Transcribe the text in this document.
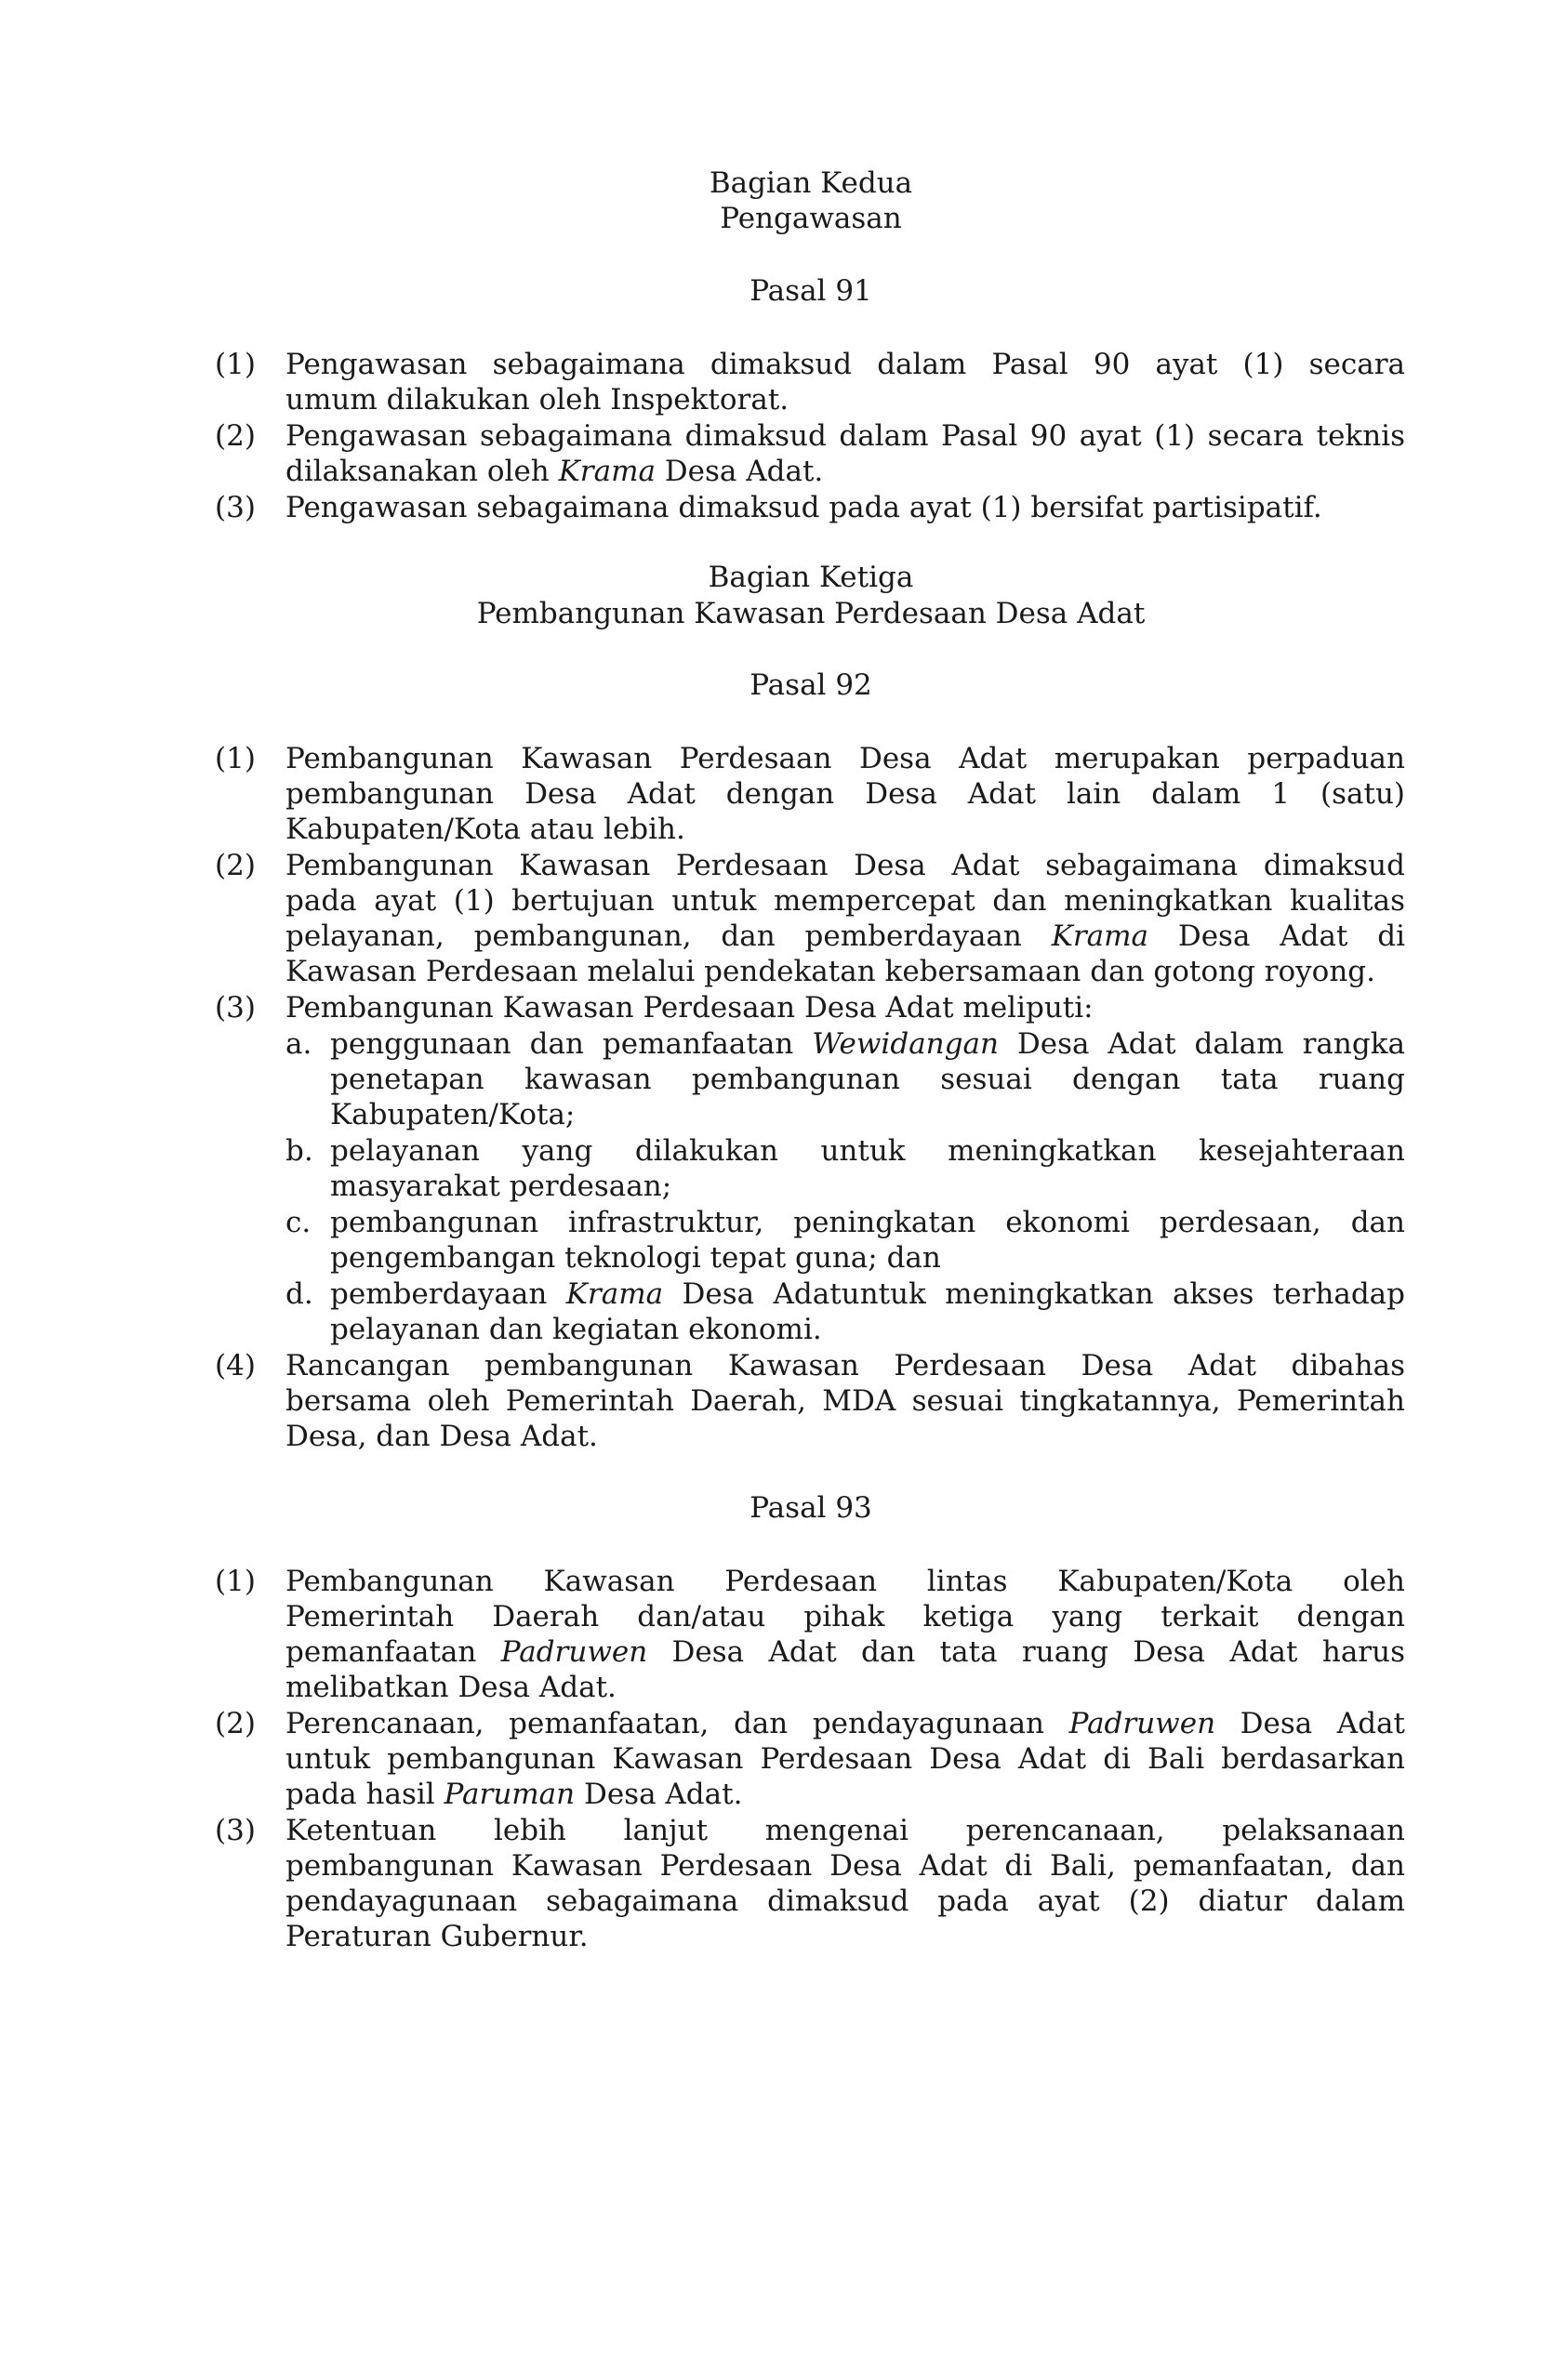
Bagian Kedua
Pengawasan
Pasal 91
(1) Pengawasan sebagaimana dimaksud dalam Pasal 90 ayat (1) secara
umum dilakukan oleh Inspektorat.
(2) Pengawasan sebagaimana dimaksud dalam Pasal 90 ayat (1) secara teknis
dilaksanakan oleh Krama Desa Adat.
(3) Pengawasan sebagaimana dimaksud pada ayat (1) bersifat partisipatif.
Bagian Ketiga
Pembangunan Kawasan Perdesaan Desa Adat
Pasal 92
(1) Pembangunan Kawasan Perdesaan Desa Adat merupakan perpaduan
pembangunan Desa Adat dengan Desa Adat lain dalam 1 (satu)
Kabupaten/Kota atau lebih.
(2) Pembangunan Kawasan Perdesaan Desa Adat sebagaimana dimaksud
pada ayat (1) bertujuan untuk mempercepat dan meningkatkan kualitas
pelayanan, pembangunan, dan pemberdayaan Krama Desa Adat di
Kawasan Perdesaan melalui pendekatan kebersamaan dan gotong royong.
(3) Pembangunan Kawasan Perdesaan Desa Adat meliputi:
a. penggunaan dan pemanfaatan Wewidangan Desa Adat dalam rangka
penetapan kawasan pembangunan sesuai dengan tata ruang
Kabupaten/Kota;
b. pelayanan yang dilakukan untuk meningkatkan kesejahteraan
masyarakat perdesaan;
c. pembangunan infrastruktur, peningkatan ekonomi perdesaan, dan
pengembangan teknologi tepat guna; dan
d. pemberdayaan Krama Desa Adatuntuk meningkatkan akses terhadap
pelayanan dan kegiatan ekonomi.
(4) Rancangan pembangunan Kawasan Perdesaan Desa Adat dibahas
bersama oleh Pemerintah Daerah, MDA sesuai tingkatannya, Pemerintah
Desa, dan Desa Adat.
Pasal 93
(1) Pembangunan Kawasan Perdesaan lintas Kabupaten/Kota oleh
Pemerintah Daerah dan/atau pihak ketiga yang terkait dengan
pemanfaatan Padruwen Desa Adat dan tata ruang Desa Adat harus
melibatkan Desa Adat.
(2) Perencanaan, pemanfaatan, dan pendayagunaan Padruwen Desa Adat
untuk pembangunan Kawasan Perdesaan Desa Adat di Bali berdasarkan
pada hasil Paruman Desa Adat.
(3) Ketentuan lebih lanjut mengenai perencanaan, pelaksanaan
pembangunan Kawasan Perdesaan Desa Adat di Bali, pemanfaatan, dan
pendayagunaan sebagaimana dimaksud pada ayat (2) diatur dalam
Peraturan Gubernur.
